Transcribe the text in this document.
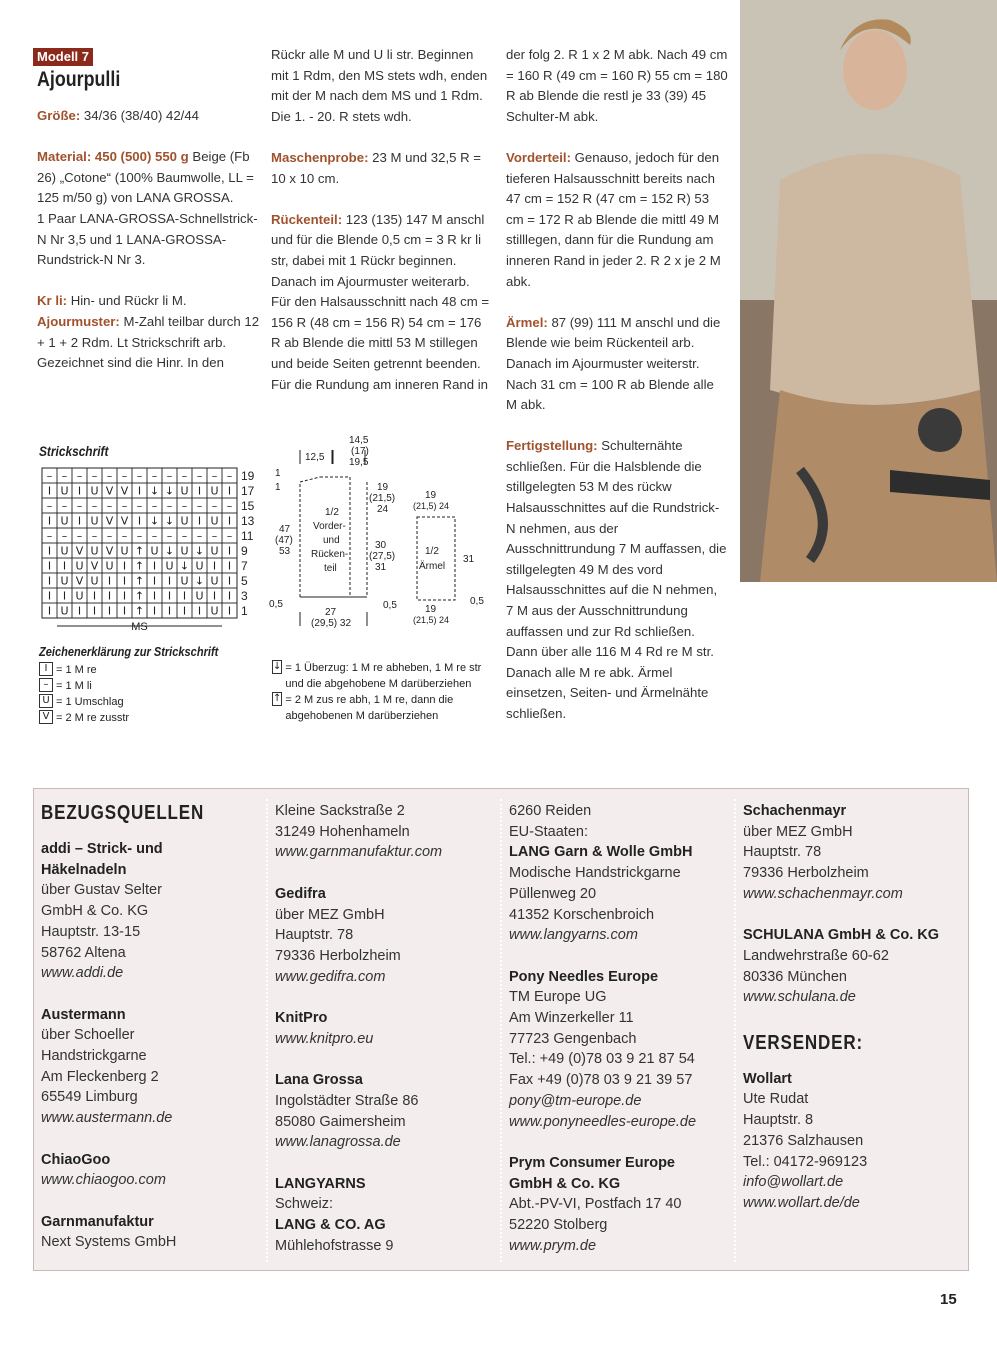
Modell 7
Ajourpulli

Größe: 34/36 (38/40) 42/44

Material: 450 (500) 550 g Beige (Fb 26) „Cotone“ (100% Baumwolle, LL = 125 m/50 g) von LANA GROSSA.

1 Paar LANA-GROSSA-Schnellstrick-N Nr 3,5 und 1 LANA-GROSSA-Rundstrick-N Nr 3.

Kr li: Hin- und Rückr li M.

Ajourmuster: M-Zahl teilbar durch 12 + 1 + 2 Rdm. Lt Strickschrift arb. Gezeichnet sind die Hinr. In den

Rückr alle M und U li str. Beginnen mit 1 Rdm, den MS stets wdh, enden mit der M nach dem MS und 1 Rdm. Die 1. - 20. R stets wdh.

Maschenprobe: 23 M und 32,5 R = 10 x 10 cm.

Rückenteil: 123 (135) 147 M anschl und für die Blende 0,5 cm = 3 R kr li str, dabei mit 1 Rückr beginnen. Danach im Ajourmuster weiterarb. Für den Halsausschnitt nach 48 cm = 156 R (48 cm = 156 R) 54 cm = 176 R ab Blende die mittl 53 M stillegen und beide Seiten getrennt beenden. Für die Rundung am inneren Rand in

der folg 2. R 1 x 2 M abk. Nach 49 cm = 160 R (49 cm = 160 R) 55 cm = 180 R ab Blende die restl je 33 (39) 45 Schulter-M abk.

Vorderteil: Genauso, jedoch für den tieferen Halsausschnitt bereits nach 47 cm = 152 R (47 cm = 152 R) 53 cm = 172 R ab Blende die mittl 49 M stilllegen, dann für die Rundung am inneren Rand in jeder 2. R 2 x je 2 M abk.

Ärmel: 87 (99) 111 M anschl und die Blende wie beim Rückenteil arb. Danach im Ajourmuster weiterstr. Nach 31 cm = 100 R ab Blende alle M abk.

Fertigstellung: Schulternähte schließen. Für die Halsblende die stillgelegten 53 M des rückw Halsausschnittes auf die Rundstrick-N nehmen, aus der Ausschnittrundung 7 M auffassen, die stillgelegten 49 M des vord Halsausschnittes auf die N nehmen, 7 M aus der Ausschnittrundung auffassen und zur Rd schließen. Dann über alle 116 M 4 Rd re M str. Danach alle M re abk. Ärmel einsetzen, Seiten- und Ärmelnähte schließen.

Strickschrift
– – – – – – – – – – – – –
I U I U V V I ↓ ↓ U I U I
– – – – – – – – – – – – –
I U I U V V I ↓ ↓ U I U I
– – – – – – – – – – – – –
I U V U V U ↑ U ↓ U ↓ U I
I I U V U I ↑ I U ↓ U I I
I U V U I I ↑ I I U ↓ U I
I I U I I I ↑ I I I U I I
I U I I I I ↑ I I I I U I
19
17
15
13
11
9
7
5
3
1
MS
Zeichenerklärung zur Strickschrift
I = 1 M re
– = 1 M li
U = 1 Umschlag
V = 2 M re zusstr
14,5
(17)
19,5
12,5
1
1
1/2
Vorder-
und
Rücken-
teil
19
(21,5)
24
47
(47)
53
30
(27,5)
31
0,5	0,5
27
(29,5) 32
19
(21,5) 24
1/2
Ärmel
31
0,5
19
(21,5) 24
↓ = 1 Überzug: 1 M re abheben, 1 M re str und die abgehobene M darüberziehen
↑ = 2 M zus re abh, 1 M re, dann die abgehobenen M darüberziehen
BEZUGSQUELLEN
addi – Strick- und
Häkelnadeln
über Gustav Selter
GmbH & Co. KG
Hauptstr. 13-15
58762 Altena
www.addi.de
Austermann
über Schoeller
Handstrickgarne
Am Fleckenberg 2
65549 Limburg
www.austermann.de
ChiaoGoo
www.chiaogoo.com
Garnmanufaktur
Next Systems GmbH
Kleine Sackstraße 2
31249 Hohenhameln
www.garnmanufaktur.com
Gedifra
über MEZ GmbH
Hauptstr. 78
79336 Herbolzheim
www.gedifra.com
KnitPro
www.knitpro.eu
Lana Grossa
Ingolstädter Straße 86
85080 Gaimersheim
www.lanagrossa.de
LANGYARNS
Schweiz:
LANG & CO. AG
Mühlehofstrasse 9
6260 Reiden
EU-Staaten:
LANG Garn & Wolle GmbH
Modische Handstrickgarne
Püllenweg 20
41352 Korschenbroich
www.langyarns.com
Pony Needles Europe
TM Europe UG
Am Winzerkeller 11
77723 Gengenbach
Tel.: +49 (0)78 03 9 21 87 54
Fax +49 (0)78 03 9 21 39 57
pony@tm-europe.de
www.ponyneedles-europe.de
Prym Consumer Europe
GmbH & Co. KG
Abt.-PV-VI, Postfach 17 40
52220 Stolberg
www.prym.de
Schachenmayr
über MEZ GmbH
Hauptstr. 78
79336 Herbolzheim
www.schachenmayr.com
SCHULANA GmbH & Co. KG
Landwehrstraße 60-62
80336 München
www.schulana.de
VERSENDER:
Wollart
Ute Rudat
Hauptstr. 8
21376 Salzhausen
Tel.: 04172-969123
info@wollart.de
www.wollart.de/de
15
